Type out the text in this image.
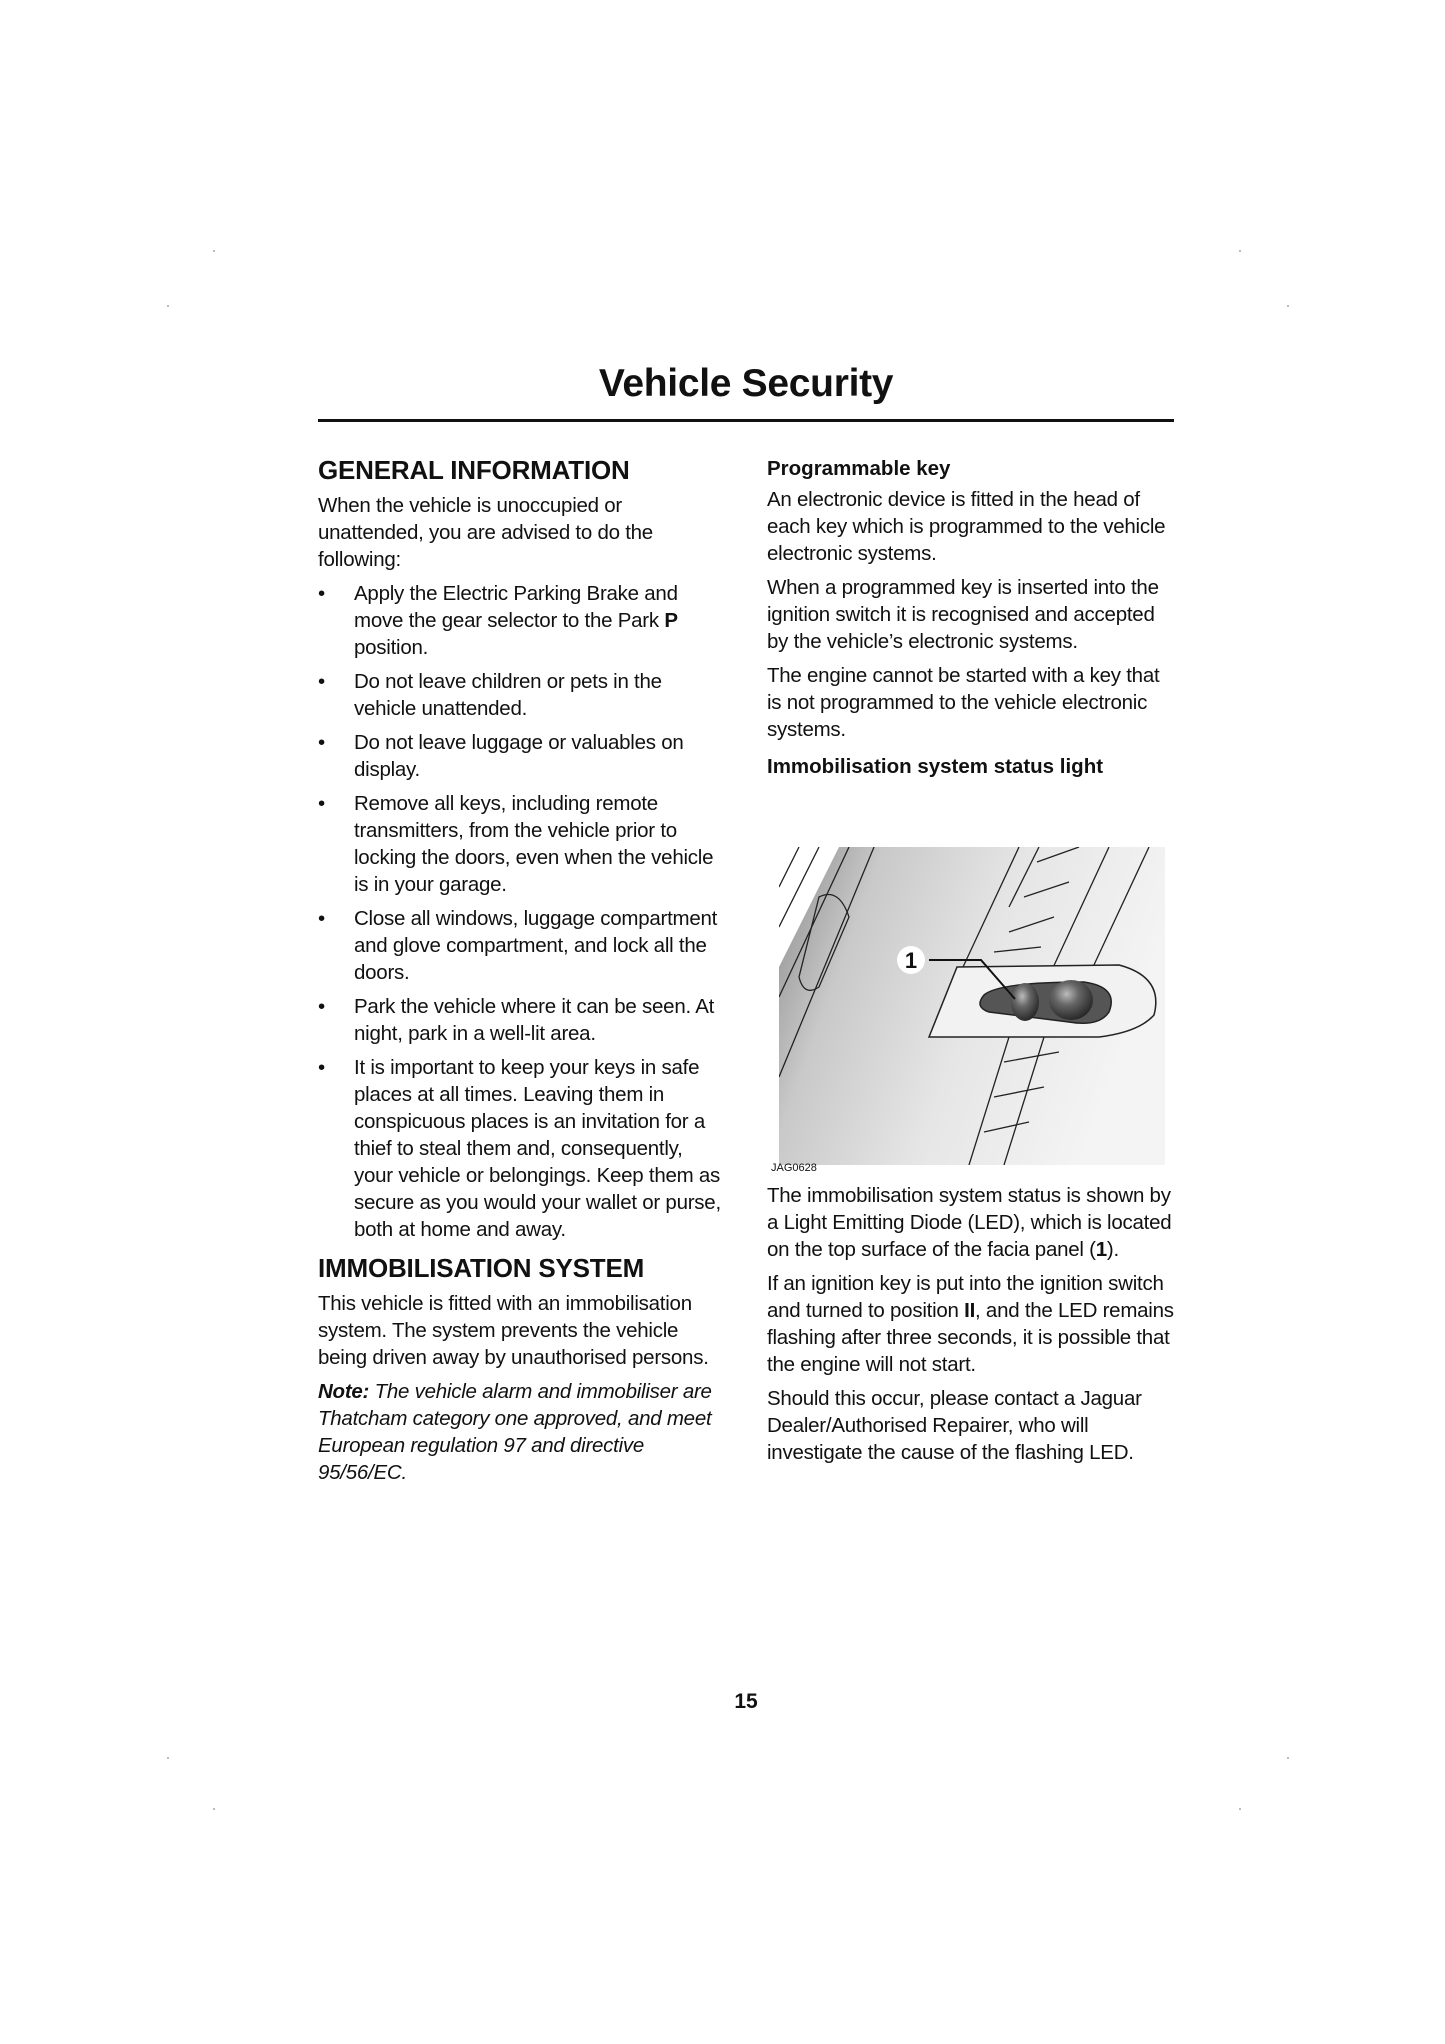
Vehicle Security
GENERAL INFORMATION

When the vehicle is unoccupied or unattended, you are advised to do the following:

• Apply the Electric Parking Brake and move the gear selector to the Park P position.
• Do not leave children or pets in the vehicle unattended.
• Do not leave luggage or valuables on display.
• Remove all keys, including remote transmitters, from the vehicle prior to locking the doors, even when the vehicle is in your garage.
• Close all windows, luggage compartment and glove compartment, and lock all the doors.
• Park the vehicle where it can be seen. At night, park in a well-lit area.
• It is important to keep your keys in safe places at all times. Leaving them in conspicuous places is an invitation for a thief to steal them and, consequently, your vehicle or belongings. Keep them as secure as you would your wallet or purse, both at home and away.
IMMOBILISATION SYSTEM

This vehicle is fitted with an immobilisation system. The system prevents the vehicle being driven away by unauthorised persons.

Note: The vehicle alarm and immobiliser are Thatcham category one approved, and meet European regulation 97 and directive 95/56/EC.

Programmable key

An electronic device is fitted in the head of each key which is programmed to the vehicle electronic systems.

When a programmed key is inserted into the ignition switch it is recognised and accepted by the vehicle’s electronic systems.

The engine cannot be started with a key that is not programmed to the vehicle electronic systems.

Immobilisation system status light
1
JAG0628

The immobilisation system status is shown by a Light Emitting Diode (LED), which is located on the top surface of the facia panel (1).

If an ignition key is put into the ignition switch and turned to position II, and the LED remains flashing after three seconds, it is possible that the engine will not start.

Should this occur, please contact a Jaguar Dealer/Authorised Repairer, who will investigate the cause of the flashing LED.

15
